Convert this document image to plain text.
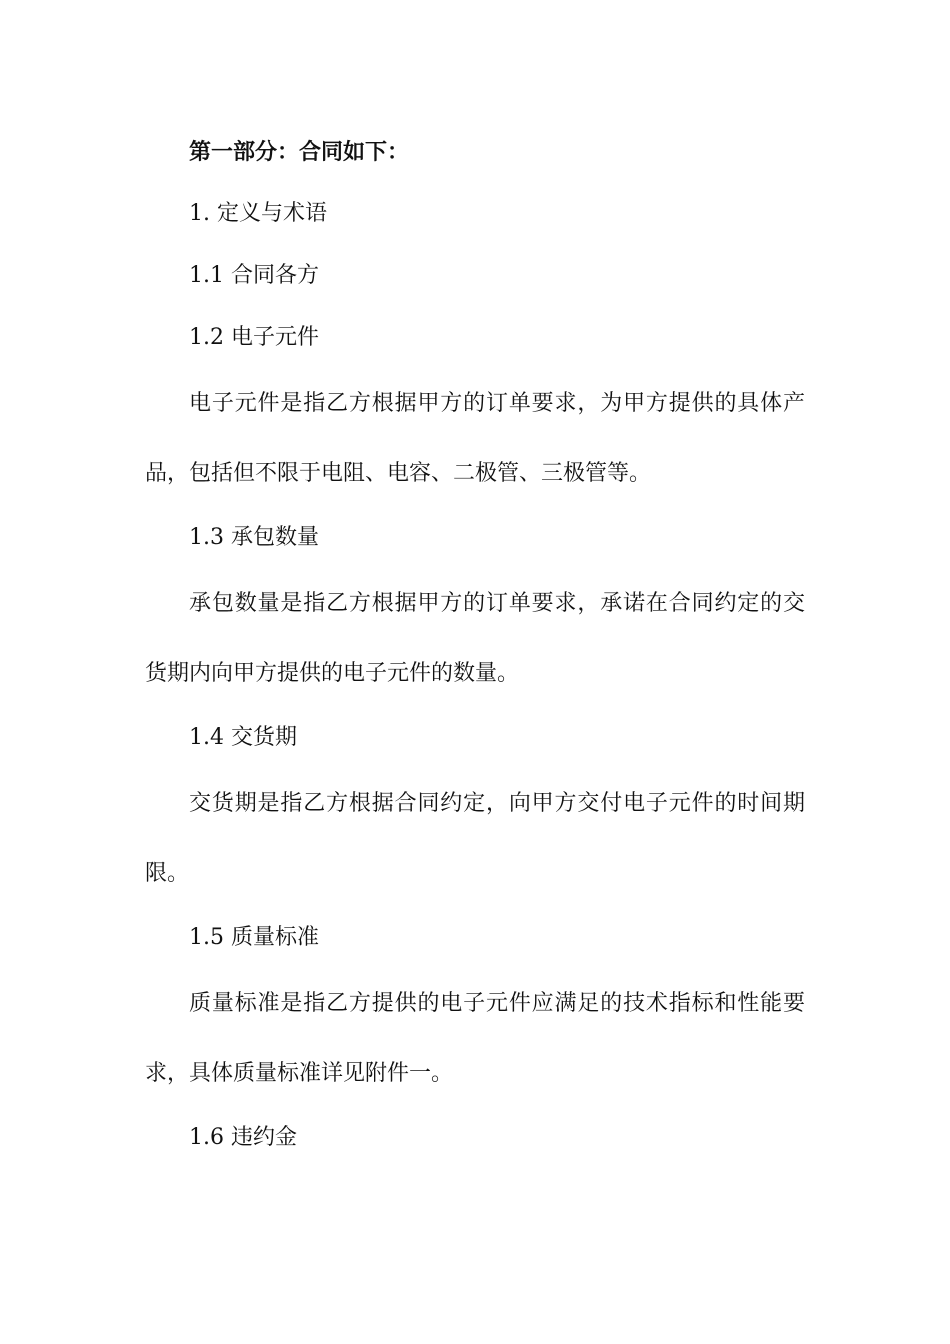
第一部分：合同如下：
1. 定义与术语
1.1 合同各方
1.2 电子元件
电子元件是指乙方根据甲方的订单要求，为甲方提供的具体产
品，包括但不限于电阻、电容、二极管、三极管等。
1.3 承包数量
承包数量是指乙方根据甲方的订单要求，承诺在合同约定的交
货期内向甲方提供的电子元件的数量。
1.4 交货期
交货期是指乙方根据合同约定，向甲方交付电子元件的时间期
限。
1.5 质量标准
质量标准是指乙方提供的电子元件应满足的技术指标和性能要
求，具体质量标准详见附件一。
1.6 违约金
